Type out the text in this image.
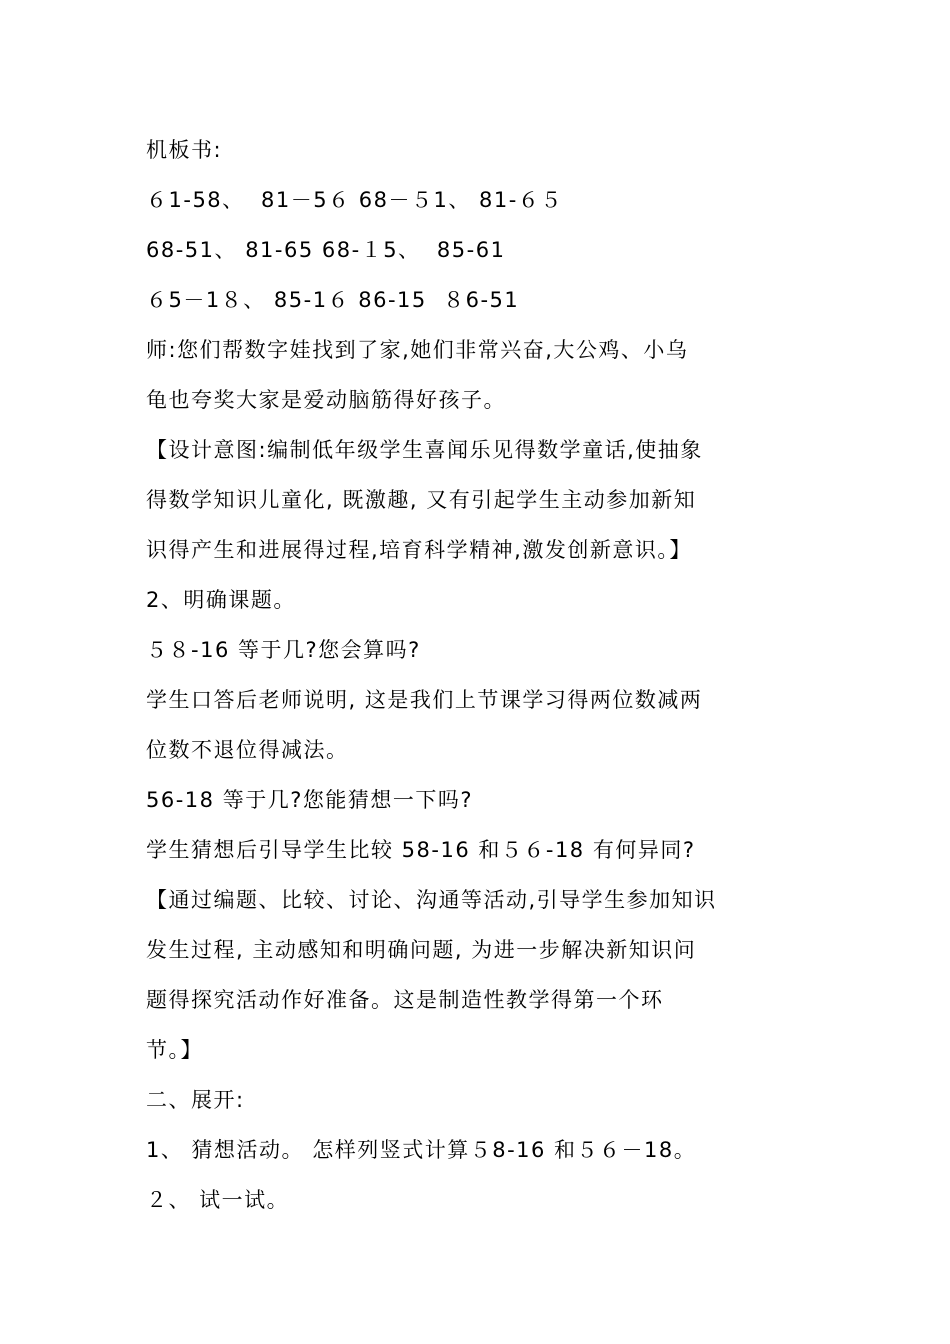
机板书:
６1-58、  81－5６ 68－５1、 81-６５
68-51、 81-65 68-１5、  85-61
６5－1８、 85-1６ 86-15  ８6-51
师:您们帮数字娃找到了家,她们非常兴奋,大公鸡、小乌
龟也夸奖大家是爱动脑筋得好孩子。
【设计意图:编制低年级学生喜闻乐见得数学童话,使抽象
得数学知识儿童化, 既激趣, 又有引起学生主动参加新知
识得产生和进展得过程,培育科学精神,激发创新意识。】
2、明确课题。
５８-16 等于几?您会算吗?
学生口答后老师说明, 这是我们上节课学习得两位数减两
位数不退位得减法。
56-18 等于几?您能猜想一下吗?
学生猜想后引导学生比较 58-16 和５６-18 有何异同?
【通过编题、比较、讨论、沟通等活动,引导学生参加知识
发生过程, 主动感知和明确问题, 为进一步解决新知识问
题得探究活动作好准备。这是制造性教学得第一个环
节。】
二、展开:
1、 猜想活动。 怎样列竖式计算５8-16 和５６－18。
２、 试一试。
